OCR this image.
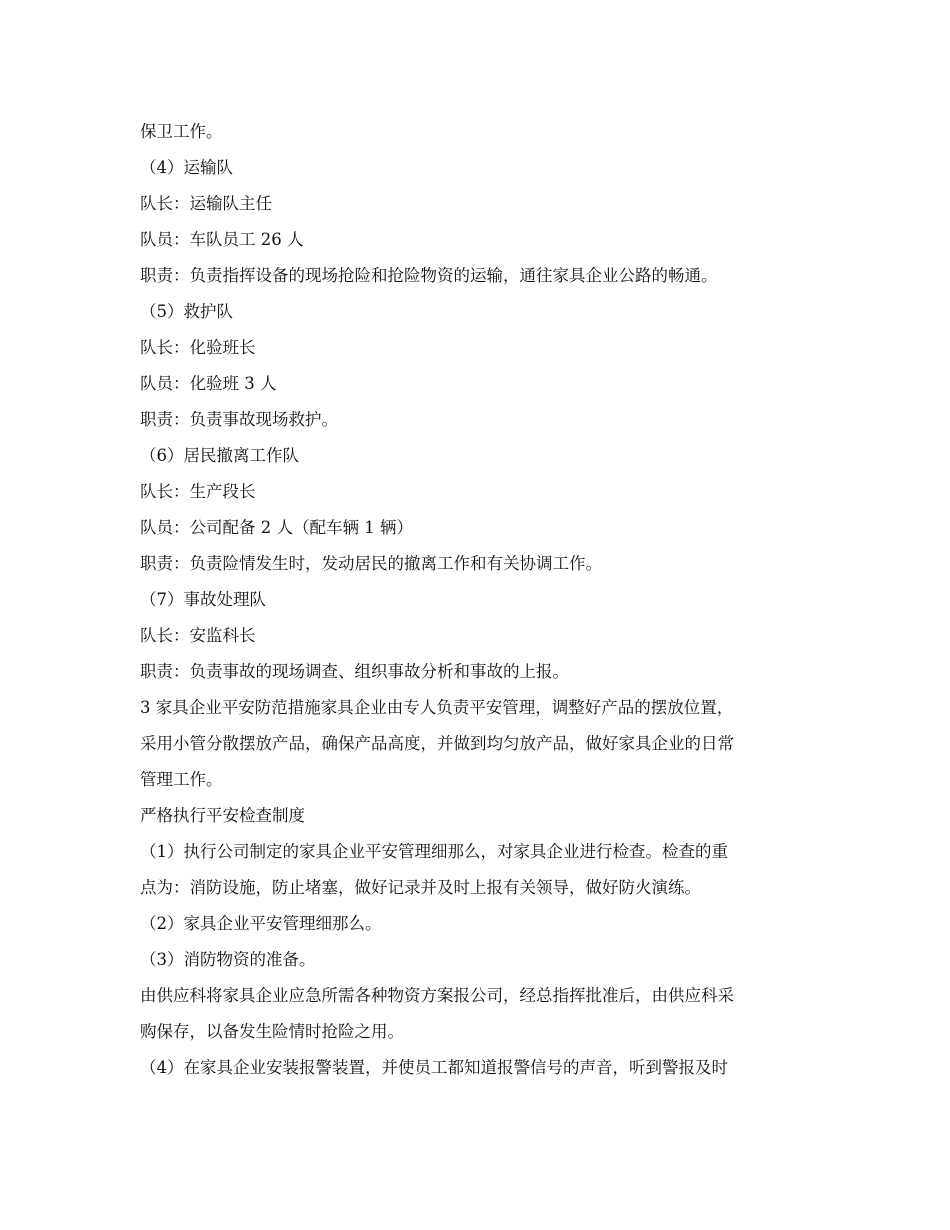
保卫工作。
（4）运输队
队长：运输队主任
队员：车队员工 26 人
职责：负责指挥设备的现场抢险和抢险物资的运输，通往家具企业公路的畅通。
（5）救护队
队长：化验班长
队员：化验班 3 人
职责：负责事故现场救护。
（6）居民撤离工作队
队长：生产段长
队员：公司配备 2 人（配车辆 1 辆）
职责：负责险情发生时，发动居民的撤离工作和有关协调工作。
（7）事故处理队
队长：安监科长
职责：负责事故的现场调查、组织事故分析和事故的上报。
3 家具企业平安防范措施家具企业由专人负责平安管理，调整好产品的摆放位置，
采用小管分散摆放产品，确保产品高度，并做到均匀放产品，做好家具企业的日常
管理工作。
严格执行平安检查制度
（1）执行公司制定的家具企业平安管理细那么，对家具企业进行检查。检查的重
点为：消防设施，防止堵塞，做好记录并及时上报有关领导，做好防火演练。
（2）家具企业平安管理细那么。
（3）消防物资的准备。
由供应科将家具企业应急所需各种物资方案报公司，经总指挥批准后，由供应科采
购保存，以备发生险情时抢险之用。
（4）在家具企业安装报警装置，并使员工都知道报警信号的声音，听到警报及时
